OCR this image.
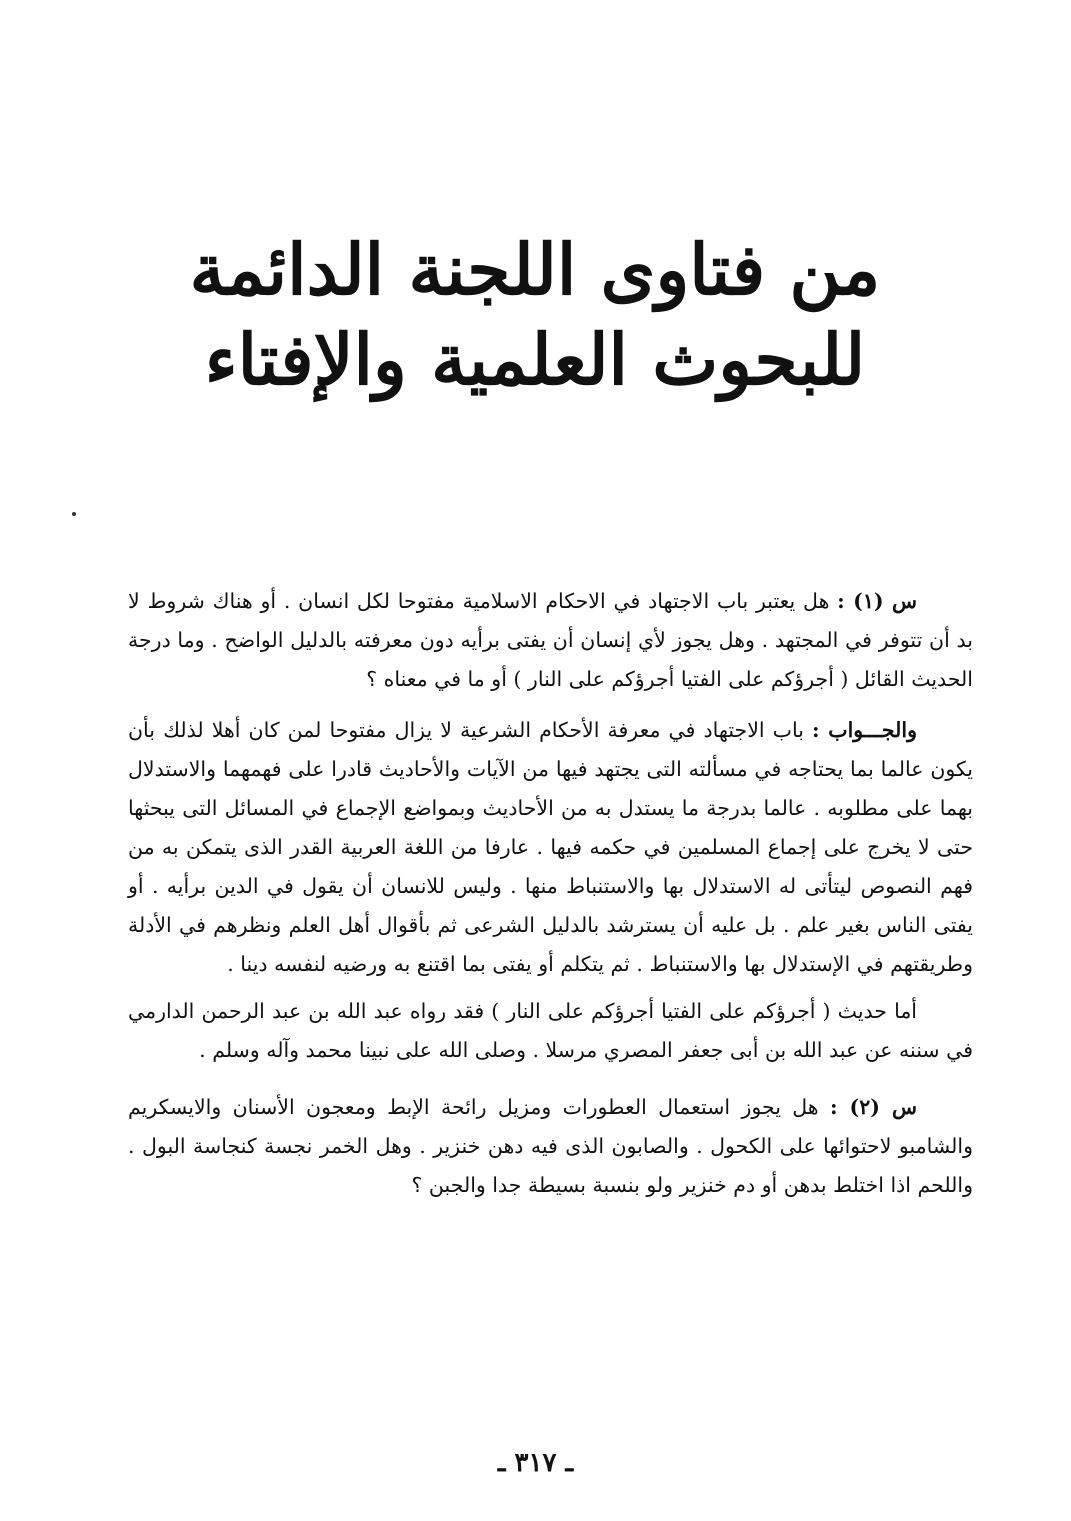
من فتاوى اللجنة الدائمة
للبحوث العلمية والإفتاء

س (١) : هل يعتبر باب الاجتهاد في الاحكام الاسلامية مفتوحا لكل انسان . أو هناك شروط لا بد أن تتوفر في المجتهد . وهل يجوز لأي إنسان أن يفتى برأيه دون معرفته بالدليل الواضح . وما درجة الحديث القائل ( أجرؤكم على الفتيا أجرؤكم على النار ) أو ما في معناه ؟

والجـــواب : باب الاجتهاد في معرفة الأحكام الشرعية لا يزال مفتوحا لمن كان أهلا لذلك بأن يكون عالما بما يحتاجه في مسألته التى يجتهد فيها من الآيات والأحاديث قادرا على فهمهما والاستدلال بهما على مطلوبه . عالما بدرجة ما يستدل به من الأحاديث وبمواضع الإجماع في المسائل التى يبحثها حتى لا يخرج على إجماع المسلمين في حكمه فيها . عارفا من اللغة العربية القدر الذى يتمكن به من فهم النصوص ليتأتى له الاستدلال بها والاستنباط منها . وليس للانسان أن يقول في الدين برأيه . أو يفتى الناس بغير علم . بل عليه أن يسترشد بالدليل الشرعى ثم بأقوال أهل العلم ونظرهم في الأدلة وطريقتهم في الإستدلال بها والاستنباط . ثم يتكلم أو يفتى بما اقتنع به ورضيه لنفسه دينا .

أما حديث ( أجرؤكم على الفتيا أجرؤكم على النار ) فقد رواه عبد الله بن عبد الرحمن الدارمي في سننه عن عبد الله بن أبى جعفر المصري مرسلا . وصلى الله على نبينا محمد وآله وسلم .

س (٢) : هل يجوز استعمال العطورات ومزيل رائحة الإبط ومعجون الأسنان والايسكريم والشامبو لاحتوائها على الكحول . والصابون الذى فيه دهن خنزير . وهل الخمر نجسة كنجاسة البول . واللحم اذا اختلط بدهن أو دم خنزير ولو بنسبة بسيطة جدا والجبن ؟

ـ ٣١٧ ـ
